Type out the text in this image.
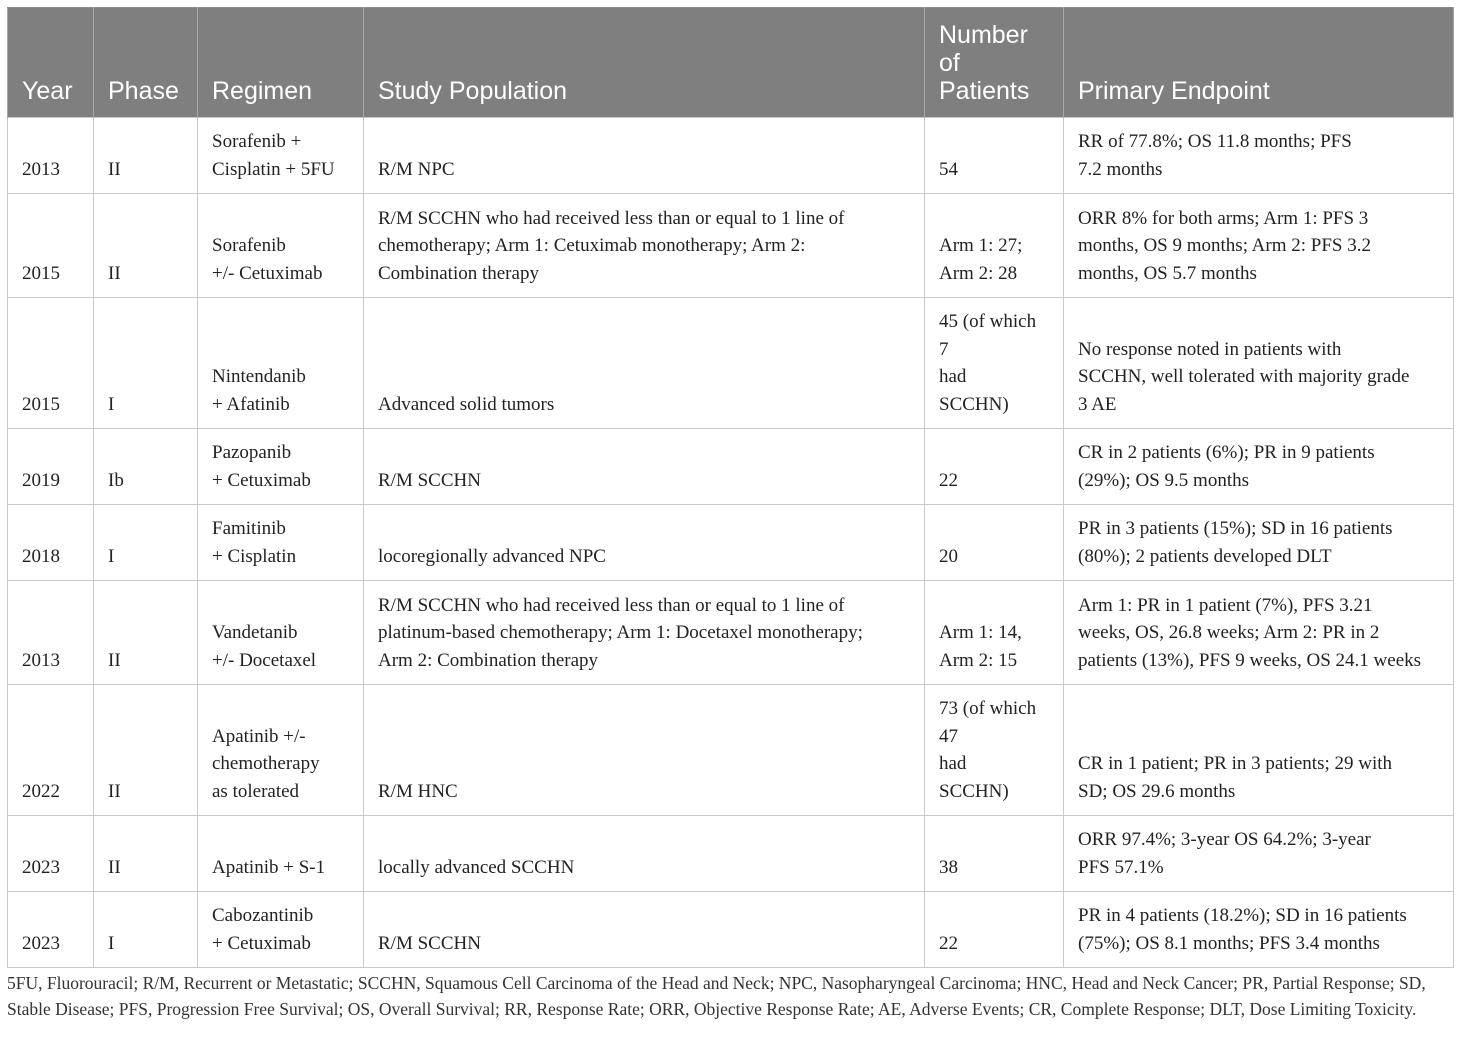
Year	Phase	Regimen	Study Population	Number of Patients	Primary Endpoint
2013	II	Sorafenib +
Cisplatin + 5FU	R/M NPC	54	RR of 77.8%; OS 11.8 months; PFS
7.2 months
2015	II	Sorafenib
+/- Cetuximab	R/M SCCHN who had received less than or equal to 1 line of
chemotherapy; Arm 1: Cetuximab monotherapy; Arm 2:
Combination therapy	Arm 1: 27;
Arm 2: 28	ORR 8% for both arms; Arm 1: PFS 3
months, OS 9 months; Arm 2: PFS 3.2
months, OS 5.7 months
2015	I	Nintendanib
+ Afatinib	Advanced solid tumors	45 (of which
7
had
SCCHN)	No response noted in patients with
SCCHN, well tolerated with majority grade
3 AE
2019	Ib	Pazopanib
+ Cetuximab	R/M SCCHN	22	CR in 2 patients (6%); PR in 9 patients
(29%); OS 9.5 months
2018	I	Famitinib
+ Cisplatin	locoregionally advanced NPC	20	PR in 3 patients (15%); SD in 16 patients
(80%); 2 patients developed DLT
2013	II	Vandetanib
+/- Docetaxel	R/M SCCHN who had received less than or equal to 1 line of
platinum-based chemotherapy; Arm 1: Docetaxel monotherapy;
Arm 2: Combination therapy	Arm 1: 14,
Arm 2: 15	Arm 1: PR in 1 patient (7%), PFS 3.21
weeks, OS, 26.8 weeks; Arm 2: PR in 2
patients (13%), PFS 9 weeks, OS 24.1 weeks
2022	II	Apatinib +/-
chemotherapy
as tolerated	R/M HNC	73 (of which
47
had
SCCHN)	CR in 1 patient; PR in 3 patients; 29 with
SD; OS 29.6 months
2023	II	Apatinib + S-1	locally advanced SCCHN	38	ORR 97.4%; 3-year OS 64.2%; 3-year
PFS 57.1%
2023	I	Cabozantinib
+ Cetuximab	R/M SCCHN	22	PR in 4 patients (18.2%); SD in 16 patients
(75%); OS 8.1 months; PFS 3.4 months
5FU, Fluorouracil; R/M, Recurrent or Metastatic; SCCHN, Squamous Cell Carcinoma of the Head and Neck; NPC, Nasopharyngeal Carcinoma; HNC, Head and Neck Cancer; PR, Partial Response; SD, Stable Disease; PFS, Progression Free Survival; OS, Overall Survival; RR, Response Rate; ORR, Objective Response Rate; AE, Adverse Events; CR, Complete Response; DLT, Dose Limiting Toxicity.
